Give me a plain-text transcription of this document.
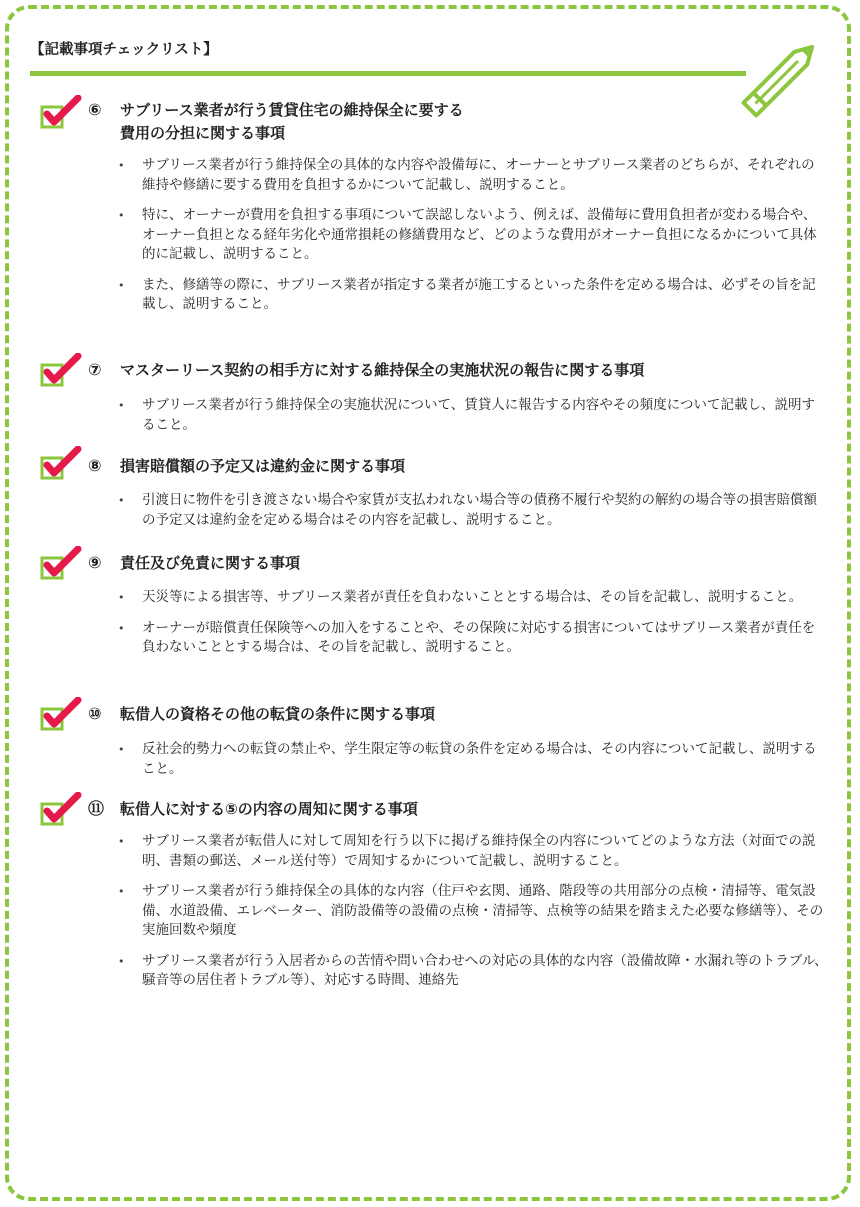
【記載事項チェックリスト】
⑥ サブリース業者が行う賃貸住宅の維持保全に要する
費用の分担に関する事項
• サブリース業者が行う維持保全の具体的な内容や設備毎に、オーナーとサブリース業者のどちらが、それぞれの維持や修繕に要する費用を負担するかについて記載し、説明すること。
• 特に、オーナーが費用を負担する事項について誤認しないよう、例えば、設備毎に費用負担者が変わる場合や、オーナー負担となる経年劣化や通常損耗の修繕費用など、どのような費用がオーナー負担になるかについて具体的に記載し、説明すること。
• また、修繕等の際に、サブリース業者が指定する業者が施工するといった条件を定める場合は、必ずその旨を記載し、説明すること。
⑦ マスターリース契約の相手方に対する維持保全の実施状況の報告に関する事項
• サブリース業者が行う維持保全の実施状況について、賃貸人に報告する内容やその頻度について記載し、説明すること。
⑧ 損害賠償額の予定又は違約金に関する事項
• 引渡日に物件を引き渡さない場合や家賃が支払われない場合等の債務不履行や契約の解約の場合等の損害賠償額の予定又は違約金を定める場合はその内容を記載し、説明すること。
⑨ 責任及び免責に関する事項
• 天災等による損害等、サブリース業者が責任を負わないこととする場合は、その旨を記載し、説明すること。
• オーナーが賠償責任保険等への加入をすることや、その保険に対応する損害についてはサブリース業者が責任を負わないこととする場合は、その旨を記載し、説明すること。
⑩ 転借人の資格その他の転貸の条件に関する事項
• 反社会的勢力への転貸の禁止や、学生限定等の転貸の条件を定める場合は、その内容について記載し、説明すること。
⑪ 転借人に対する⑤の内容の周知に関する事項
• サブリース業者が転借人に対して周知を行う以下に掲げる維持保全の内容についてどのような方法（対面での説明、書類の郵送、メール送付等）で周知するかについて記載し、説明すること。
• サブリース業者が行う維持保全の具体的な内容（住戸や玄関、通路、階段等の共用部分の点検・清掃等、電気設備、水道設備、エレベーター、消防設備等の設備の点検・清掃等、点検等の結果を踏まえた必要な修繕等）、その実施回数や頻度
• サブリース業者が行う入居者からの苦情や問い合わせへの対応の具体的な内容（設備故障・水漏れ等のトラブル、騒音等の居住者トラブル等）、対応する時間、連絡先
